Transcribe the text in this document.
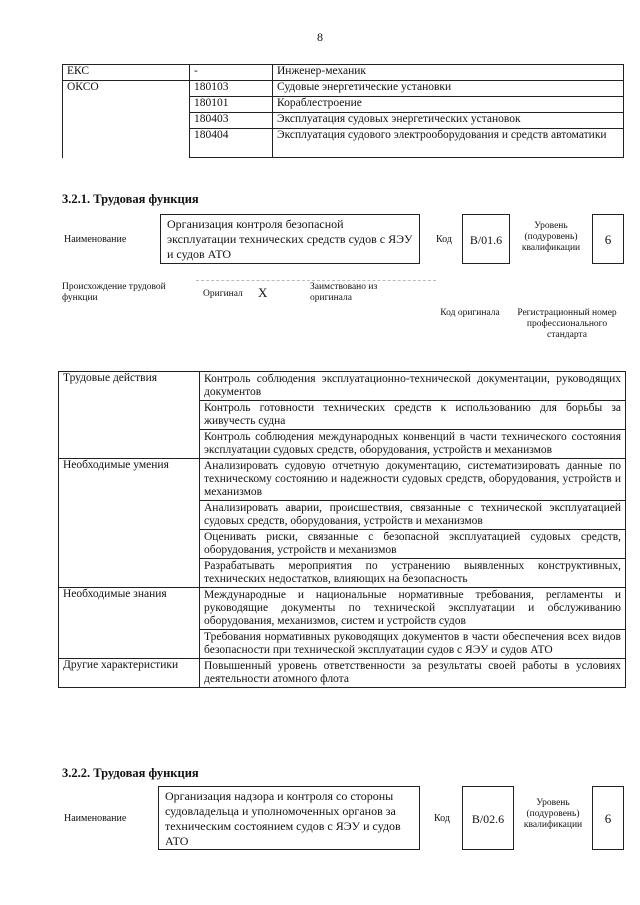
8
ЕКС	-	Инженер-механик
ОКСО	180103	Судовые энергетические установки
	180101	Кораблестроение
	180403	Эксплуатация судовых энергетических установок
	180404	Эксплуатация судового электрооборудования и средств автоматики
3.2.1. Трудовая функция
Наименование
Организация контроля безопасной эксплуатации технических средств судов с ЯЭУ и судов АТО
Код	В/01.6
Уровень (подуровень) квалификации
6
Происхождение трудовой функции	Оригинал Х	Заимствовано из оригинала
Код оригинала	Регистрационный номер профессионального стандарта
Трудовые действия	Контроль соблюдения эксплуатационно-технической документации, руководящих документов
	Контроль готовности технических средств к использованию для борьбы за живучесть судна
	Контроль соблюдения международных конвенций в части технического состояния эксплуатации судовых средств, оборудования, устройств и механизмов
Необходимые умения	Анализировать судовую отчетную документацию, систематизировать данные по техническому состоянию и надежности судовых средств, оборудования, устройств и механизмов
	Анализировать аварии, происшествия, связанные с технической эксплуатацией судовых средств, оборудования, устройств и механизмов
	Оценивать риски, связанные с безопасной эксплуатацией судовых средств, оборудования, устройств и механизмов
	Разрабатывать мероприятия по устранению выявленных конструктивных, технических недостатков, влияющих на безопасность
Необходимые знания	Международные и национальные нормативные требования, регламенты и руководящие документы по технической эксплуатации и обслуживанию оборудования, механизмов, систем и устройств судов
	Требования нормативных руководящих документов в части обеспечения всех видов безопасности при технической эксплуатации судов с ЯЭУ и судов АТО
Другие характеристики	Повышенный уровень ответственности за результаты своей работы в условиях деятельности атомного флота
3.2.2. Трудовая функция
Наименование
Организация надзора и контроля со стороны судовладельца и уполномоченных органов за техническим состоянием судов с ЯЭУ и судов АТО
Код	В/02.6
Уровень (подуровень) квалификации	6
